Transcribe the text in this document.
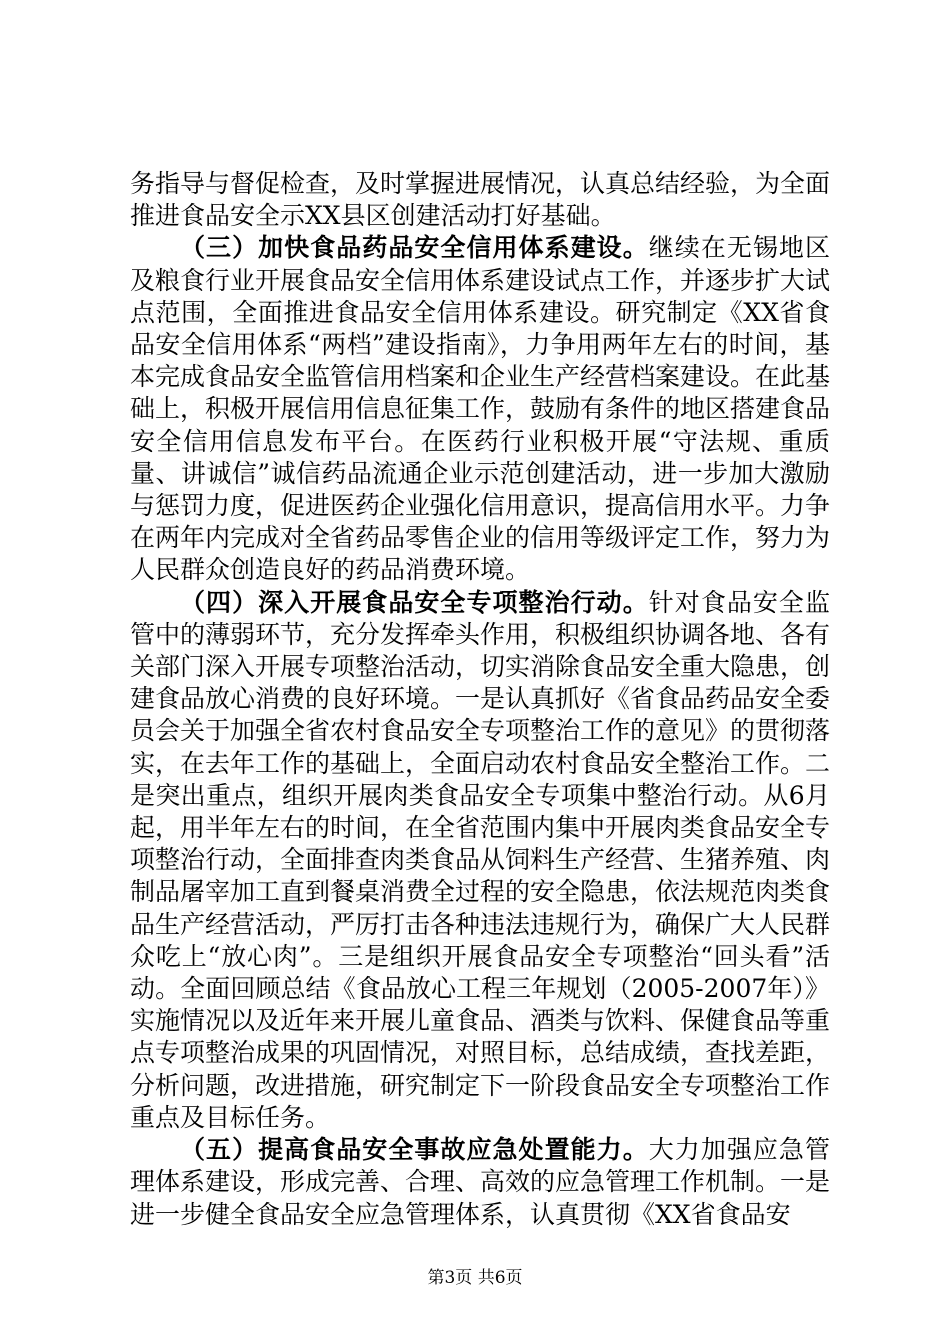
务指导与督促检查，及时掌握进展情况，认真总结经验，为全面推进食品安全示XX县区创建活动打好基础。

（三）加快食品药品安全信用体系建设。继续在无锡地区及粮食行业开展食品安全信用体系建设试点工作，并逐步扩大试点范围，全面推进食品安全信用体系建设。研究制定《XX省食品安全信用体系“两档”建设指南》，力争用两年左右的时间，基本完成食品安全监管信用档案和企业生产经营档案建设。在此基础上，积极开展信用信息征集工作，鼓励有条件的地区搭建食品安全信用信息发布平台。在医药行业积极开展“守法规、重质量、讲诚信”诚信药品流通企业示范创建活动，进一步加大激励与惩罚力度，促进医药企业强化信用意识，提高信用水平。力争在两年内完成对全省药品零售企业的信用等级评定工作，努力为人民群众创造良好的药品消费环境。

（四）深入开展食品安全专项整治行动。针对食品安全监管中的薄弱环节，充分发挥牵头作用，积极组织协调各地、各有关部门深入开展专项整治活动，切实消除食品安全重大隐患，创建食品放心消费的良好环境。一是认真抓好《省食品药品安全委员会关于加强全省农村食品安全专项整治工作的意见》的贯彻落实，在去年工作的基础上，全面启动农村食品安全整治工作。二是突出重点，组织开展肉类食品安全专项集中整治行动。从6月起，用半年左右的时间，在全省范围内集中开展肉类食品安全专项整治行动，全面排查肉类食品从饲料生产经营、生猪养殖、肉制品屠宰加工直到餐桌消费全过程的安全隐患，依法规范肉类食品生产经营活动，严厉打击各种违法违规行为，确保广大人民群众吃上“放心肉”。三是组织开展食品安全专项整治“回头看”活动。全面回顾总结《食品放心工程三年规划（2005-2007年）》实施情况以及近年来开展儿童食品、酒类与饮料、保健食品等重点专项整治成果的巩固情况，对照目标，总结成绩，查找差距，分析问题，改进措施，研究制定下一阶段食品安全专项整治工作重点及目标任务。

（五）提高食品安全事故应急处置能力。大力加强应急管理体系建设，形成完善、合理、高效的应急管理工作机制。一是进一步健全食品安全应急管理体系，认真贯彻《XX省食品安

第3页 共6页
